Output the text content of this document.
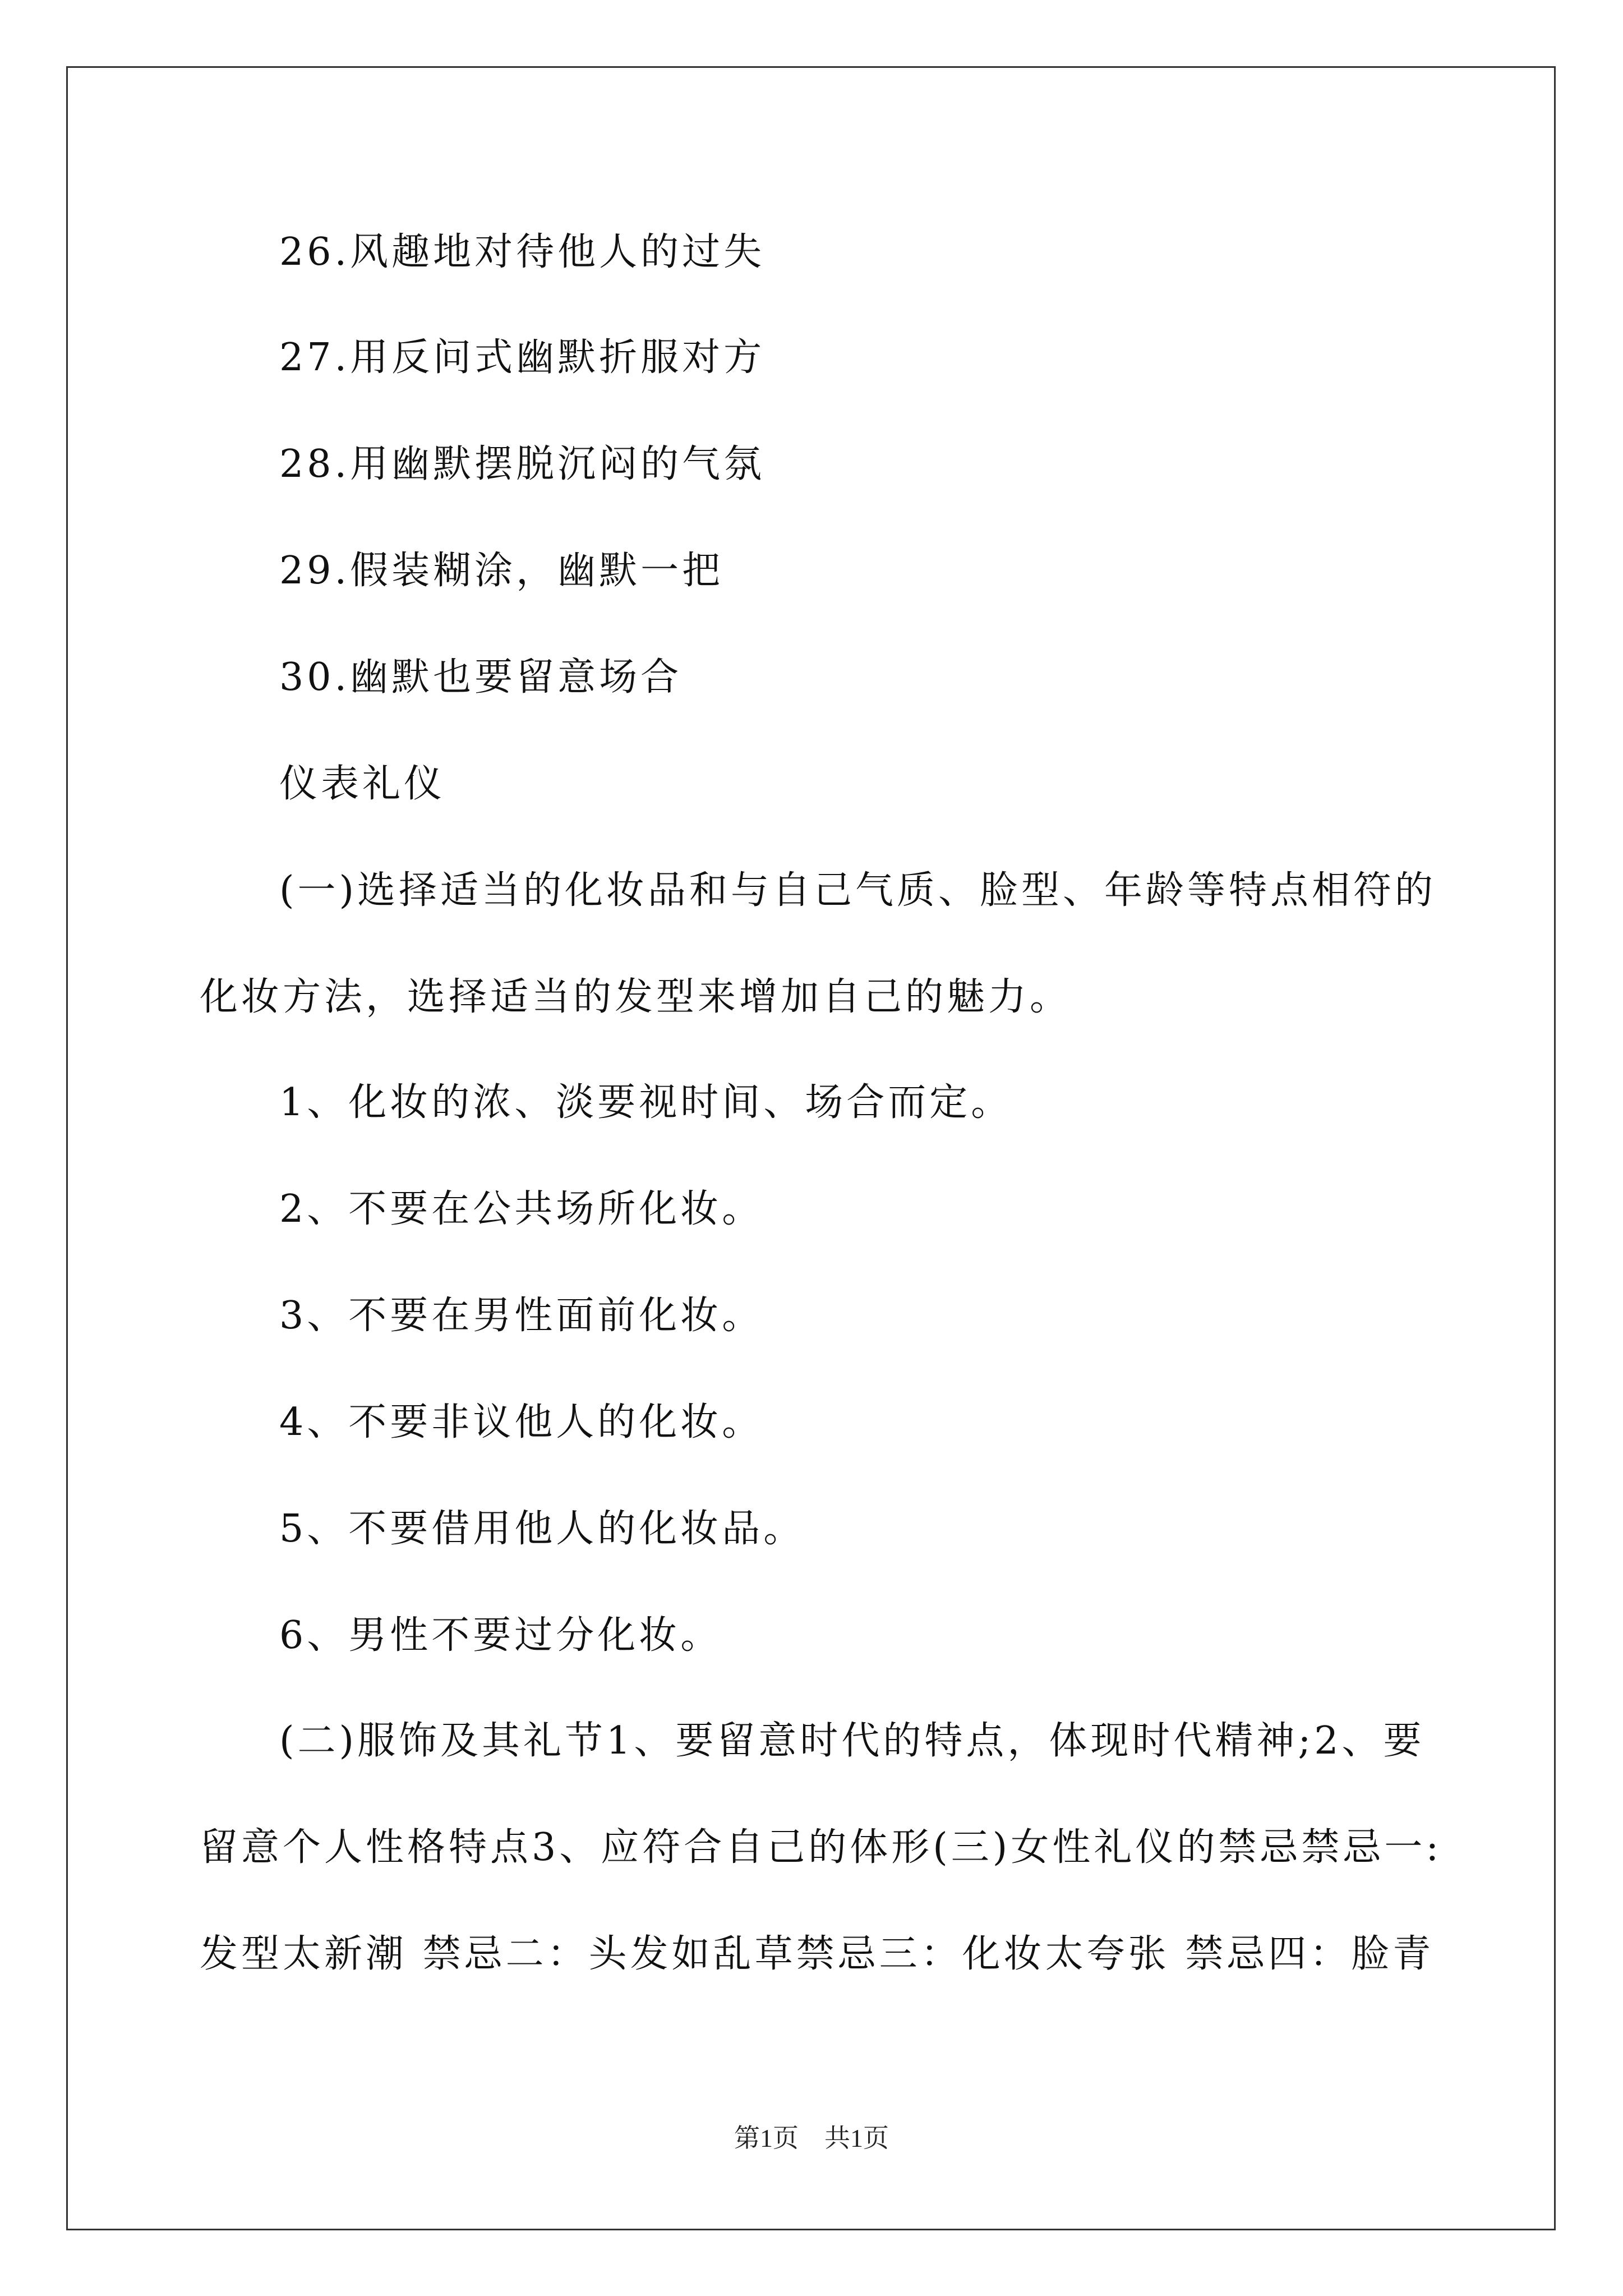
26.风趣地对待他人的过失
27.用反问式幽默折服对方
28.用幽默摆脱沉闷的气氛
29.假装糊涂，幽默一把
30.幽默也要留意场合
仪表礼仪
(一)选择适当的化妆品和与自己气质、脸型、年龄等特点相符的
化妆方法，选择适当的发型来增加自己的魅力。
1、化妆的浓、淡要视时间、场合而定。
2、不要在公共场所化妆。
3、不要在男性面前化妆。
4、不要非议他人的化妆。
5、不要借用他人的化妆品。
6、男性不要过分化妆。
(二)服饰及其礼节1、要留意时代的特点，体现时代精神;2、要
留意个人性格特点3、应符合自己的体形(三)女性礼仪的禁忌禁忌一:
发型太新潮 禁忌二：头发如乱草禁忌三：化妆太夸张 禁忌四：脸青
第1页　共1页
